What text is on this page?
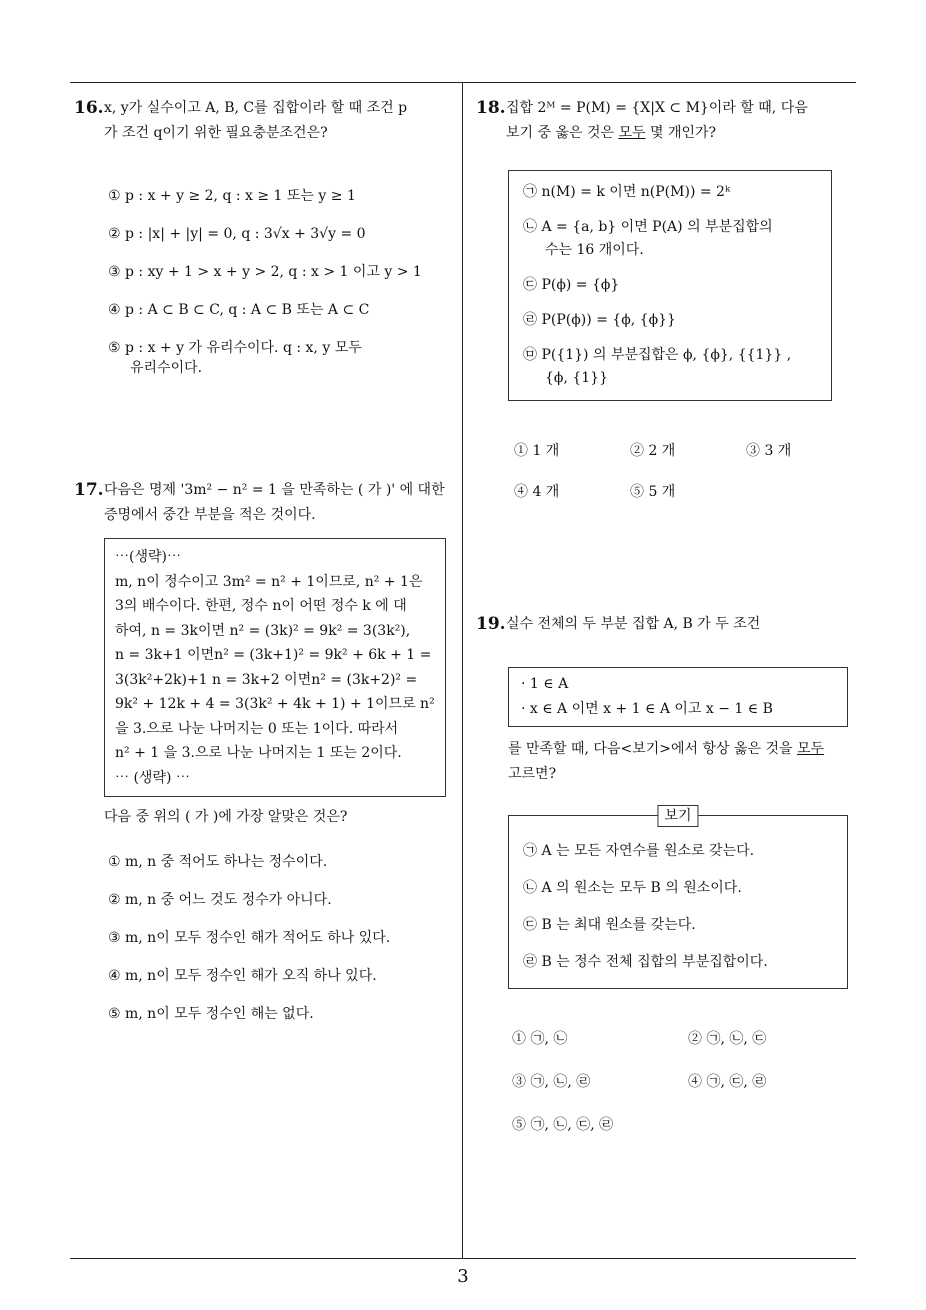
16. x, y가 실수이고 A, B, C를 집합이라 할 때 조건 p
가 조건 q이기 위한 필요충분조건은?
① p : x + y ≥ 2, q : x ≥ 1 또는 y ≥ 1
② p : |x| + |y| = 0, q : 3√x + 3√y = 0
③ p : xy + 1 > x + y > 2, q : x > 1 이고 y > 1
④ p : A ⊂ B ⊂ C, q : A ⊂ B 또는 A ⊂ C
⑤ p : x + y 가 유리수이다. q : x, y 모두
유리수이다.
17. 다음은 명제 '3m² − n² = 1 을 만족하는 ( 가 )' 에 대한
증명에서 중간 부분을 적은 것이다.
⋯(생략)⋯
m, n이 정수이고 3m² = n² + 1이므로, n² + 1은
3의 배수이다. 한편, 정수 n이 어떤 정수 k 에 대
하여, n = 3k이면 n² = (3k)² = 9k² = 3(3k²),
n = 3k+1 이면n² = (3k+1)² = 9k² + 6k + 1 =
3(3k²+2k)+1 n = 3k+2 이면n² = (3k+2)² =
9k² + 12k + 4 = 3(3k² + 4k + 1) + 1이므로 n²
을 3.으로 나눈 나머지는 0 또는 1이다. 따라서
n² + 1 을 3.으로 나눈 나머지는 1 또는 2이다.
⋯ (생략) ⋯
다음 중 위의 ( 가 )에 가장 알맞은 것은?
① m, n 중 적어도 하나는 정수이다.
② m, n 중 어느 것도 정수가 아니다.
③ m, n이 모두 정수인 해가 적어도 하나 있다.
④ m, n이 모두 정수인 해가 오직 하나 있다.
⑤ m, n이 모두 정수인 해는 없다.
18. 집합 2ᴹ = P(M) = {X|X ⊂ M}이라 할 때, 다음
보기 중 옳은 것은 모두 몇 개인가?
㉠ n(M) = k 이면 n(P(M)) = 2ᵏ
㉡ A = {a, b} 이면 P(A) 의 부분집합의
수는 16 개이다.
㉢ P(ϕ) = {ϕ}
㉣ P(P(ϕ)) = {ϕ, {ϕ}}
㉤ P({1}) 의 부분집합은 ϕ, {ϕ}, {{1}} ,
{ϕ, {1}}
① 1 개	② 2 개	③ 3 개
④ 4 개	⑤ 5 개
19. 실수 전체의 두 부분 집합 A, B 가 두 조건
· 1 ∈ A
· x ∈ A 이면 x + 1 ∈ A 이고 x − 1 ∈ B
를 만족할 때, 다음<보기>에서 항상 옳은 것을 모두
고르면?
보기
㉠ A 는 모든 자연수를 원소로 갖는다.
㉡ A 의 원소는 모두 B 의 원소이다.
㉢ B 는 최대 원소를 갖는다.
㉣ B 는 정수 전체 집합의 부분집합이다.
① ㉠, ㉡	② ㉠, ㉡, ㉢
③ ㉠, ㉡, ㉣	④ ㉠, ㉢, ㉣
⑤ ㉠, ㉡, ㉢, ㉣
3
